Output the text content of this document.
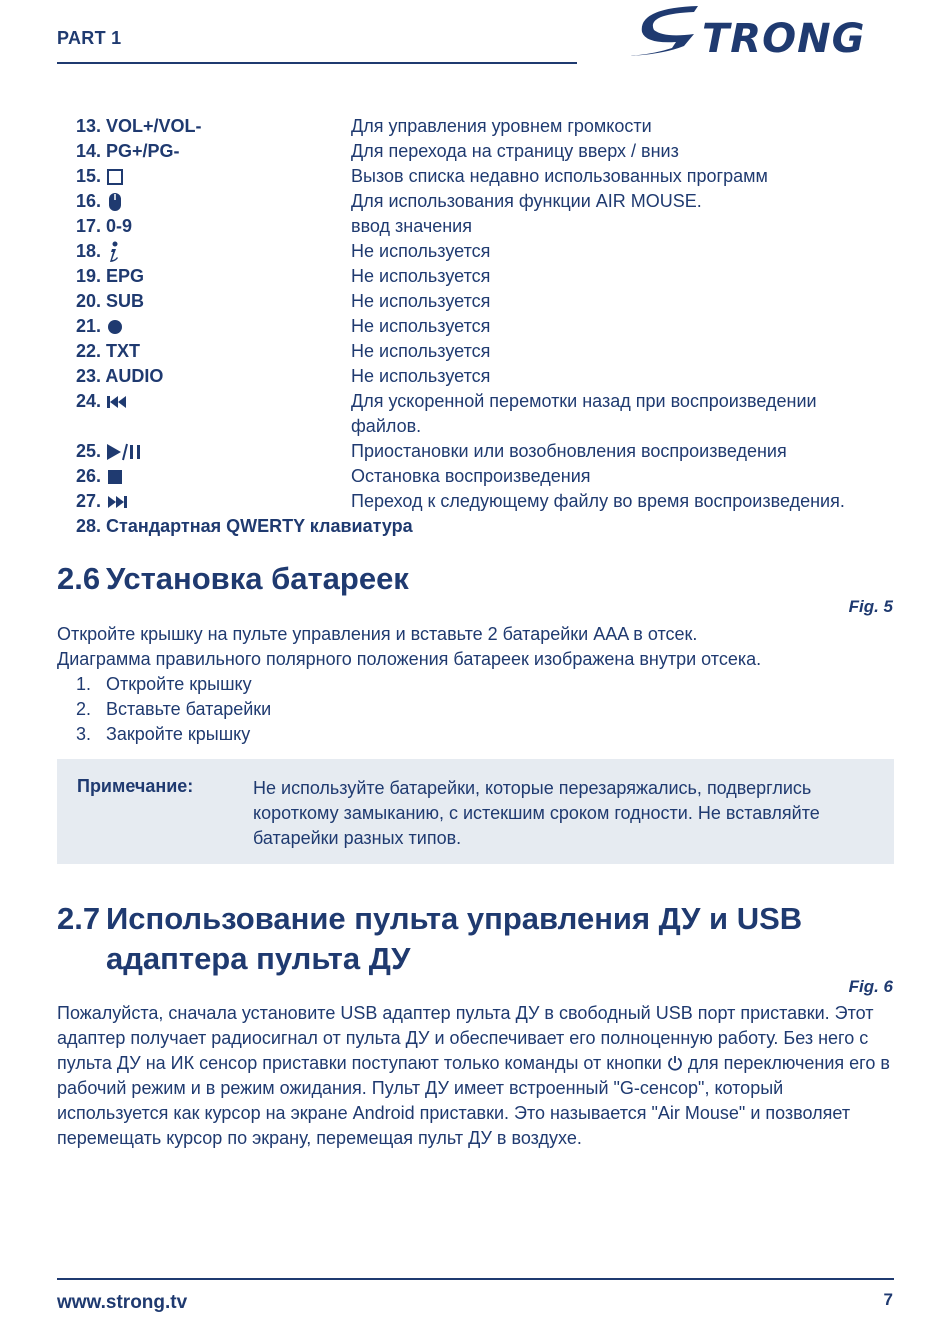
PART 1	TRONG
13. VOL+/VOL-	Для управления уровнем громкости
14. PG+/PG-	Для перехода на страницу вверх / вниз
15.	Вызов списка недавно использованных программ
16.	Для использования функции AIR MOUSE.
17. 0-9	ввод значения
18.	Не используется
19. EPG	Не используется
20. SUB	Не используется
21.	Не используется
22. TXT	Не используется
23. AUDIO	Не используется
24.	Для ускоренной перемотки назад при воспроизведении файлов.
25.	Приостановки или возобновления воспроизведения
26.	Остановка воспроизведения
27.	Переход к следующему файлу во время воспроизведения.
28. Стандартная QWERTY клавиатура
2.6 Установка батареек
Fig. 5
Откройте крышку на пульте управления и вставьте 2 батарейки AAA в отсек.
Диаграмма правильного полярного положения батареек изображена внутри отсека.
1. Откройте крышку
2. Вставьте батарейки
3. Закройте крышку
Примечание:	Не используйте батарейки, которые перезаряжались, подверглись короткому замыканию, с истекшим сроком годности. Не вставляйте батарейки разных типов.
2.7 Использование пульта управления ДУ и USB
адаптера пульта ДУ
Fig. 6
Пожалуйста, сначала установите USB адаптер пульта ДУ в свободный USB порт приставки. Этот адаптер получает радиосигнал от пульта ДУ и обеспечивает его полноценную работу. Без него с пульта ДУ на ИК сенсор приставки поступают только команды от кнопки для переключения его в рабочий режим и в режим ожидания. Пульт ДУ имеет встроенный "G-сенсор", который используется как курсор на экране Android приставки. Это называется "Air Mouse" и позволяет перемещать курсор по экрану, перемещая пульт ДУ в воздухе.
www.strong.tv	7
